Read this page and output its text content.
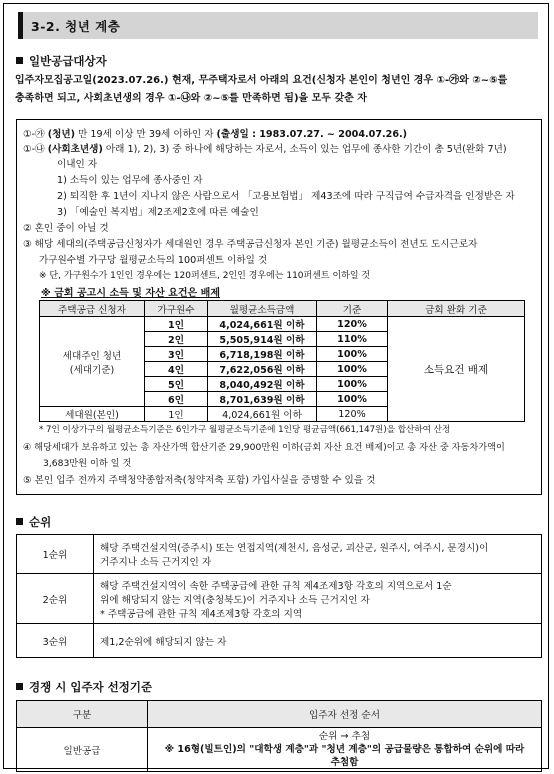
3-2. 청년 계층
일반공급대상자
입주자모집공고일(2023.07.26.) 현재, 무주택자로서 아래의 요건(신청자 본인이 청년인 경우 ①-㉮와 ②~⑤를
충족하면 되고, 사회초년생의 경우 ①-㉯와 ②~⑤를 만족하면 됨)을 모두 갖춘 자
①-㉮ (청년) 만 19세 이상 만 39세 이하인 자 (출생일 : 1983.07.27. ~ 2004.07.26.)
①-㉯ (사회초년생) 아래 1), 2), 3) 중 하나에 해당하는 자로서, 소득이 있는 업무에 종사한 기간이 총 5년(완화 7년)
이내인 자
1) 소득이 있는 업무에 종사중인 자
2) 퇴직한 후 1년이 지나지 않은 사람으로서 「고용보험법」 제43조에 따라 구직급여 수급자격을 인정받은 자
3) 「예술인 복지법」제2조제2호에 따른 예술인
② 혼인 중이 아닐 것
③ 해당 세대의(주택공급신청자가 세대원인 경우 주택공급신청자 본인 기준) 월평균소득이 전년도 도시근로자
가구원수별 가구당 월평균소득의 100퍼센트 이하일 것
※ 단, 가구원수가 1인인 경우에는 120퍼센트, 2인인 경우에는 110퍼센트 이하일 것
※ 금회 공고시 소득 및 자산 요건은 배제
주택공급 신청자	가구원수	월평균소득금액	기준	금회 완화 기준

세대주인 청년
(세대기준)	1인	4,024,661원 이하	120%	소득요건 배제
	2인	5,505,914원 이하	110%	
	3인	6,718,198원 이하	100%	
	4인	7,622,056원 이하	100%	
	5인	8,040,492원 이하	100%	
	6인	8,701,639원 이하	100%	
세대원(본인)	1인	4,024,661원 이하	120%	
* 7인 이상가구의 월평균소득기준은 6인가구 월평균소득기준에 1인당 평균금액(661,147원)을 합산하여 산정
④ 해당세대가 보유하고 있는 총 자산가액 합산기준 29,900만원 이하(금회 자산 요건 배제)이고 총 자산 중 자동차가액이
3,683만원 이하 일 것
⑤ 본인 입주 전까지 주택청약종합저축(청약저축 포함) 가입사실을 증명할 수 있을 것
순위
1순위	해당 주택건설지역(증주시) 또는 연접지역(제천시, 음성군, 괴산군, 원주시, 여주시, 문경시)이
거주지나 소득 근거지인 자

2순위	해당 주택건설지역이 속한 주택공급에 관한 규칙 제4조제3항 각호의 지역으로서 1순
위에 해당되지 않는 지역(충청북도)이 거주지나 소득 근거지인 자
* 주택공급에 관한 규칙 제4조제3항 각호의 지역

3순위	제1,2순위에 해당되지 않는 자
경쟁 시 입주자 선정기준
구분	입주자 선정 순서
일반공급	순위 → 추첨
※ 16형(빌트인)의 "대학생 계층"과 "청년 계층"의 공급물량은 통합하여 순위에 따라
추첨함
